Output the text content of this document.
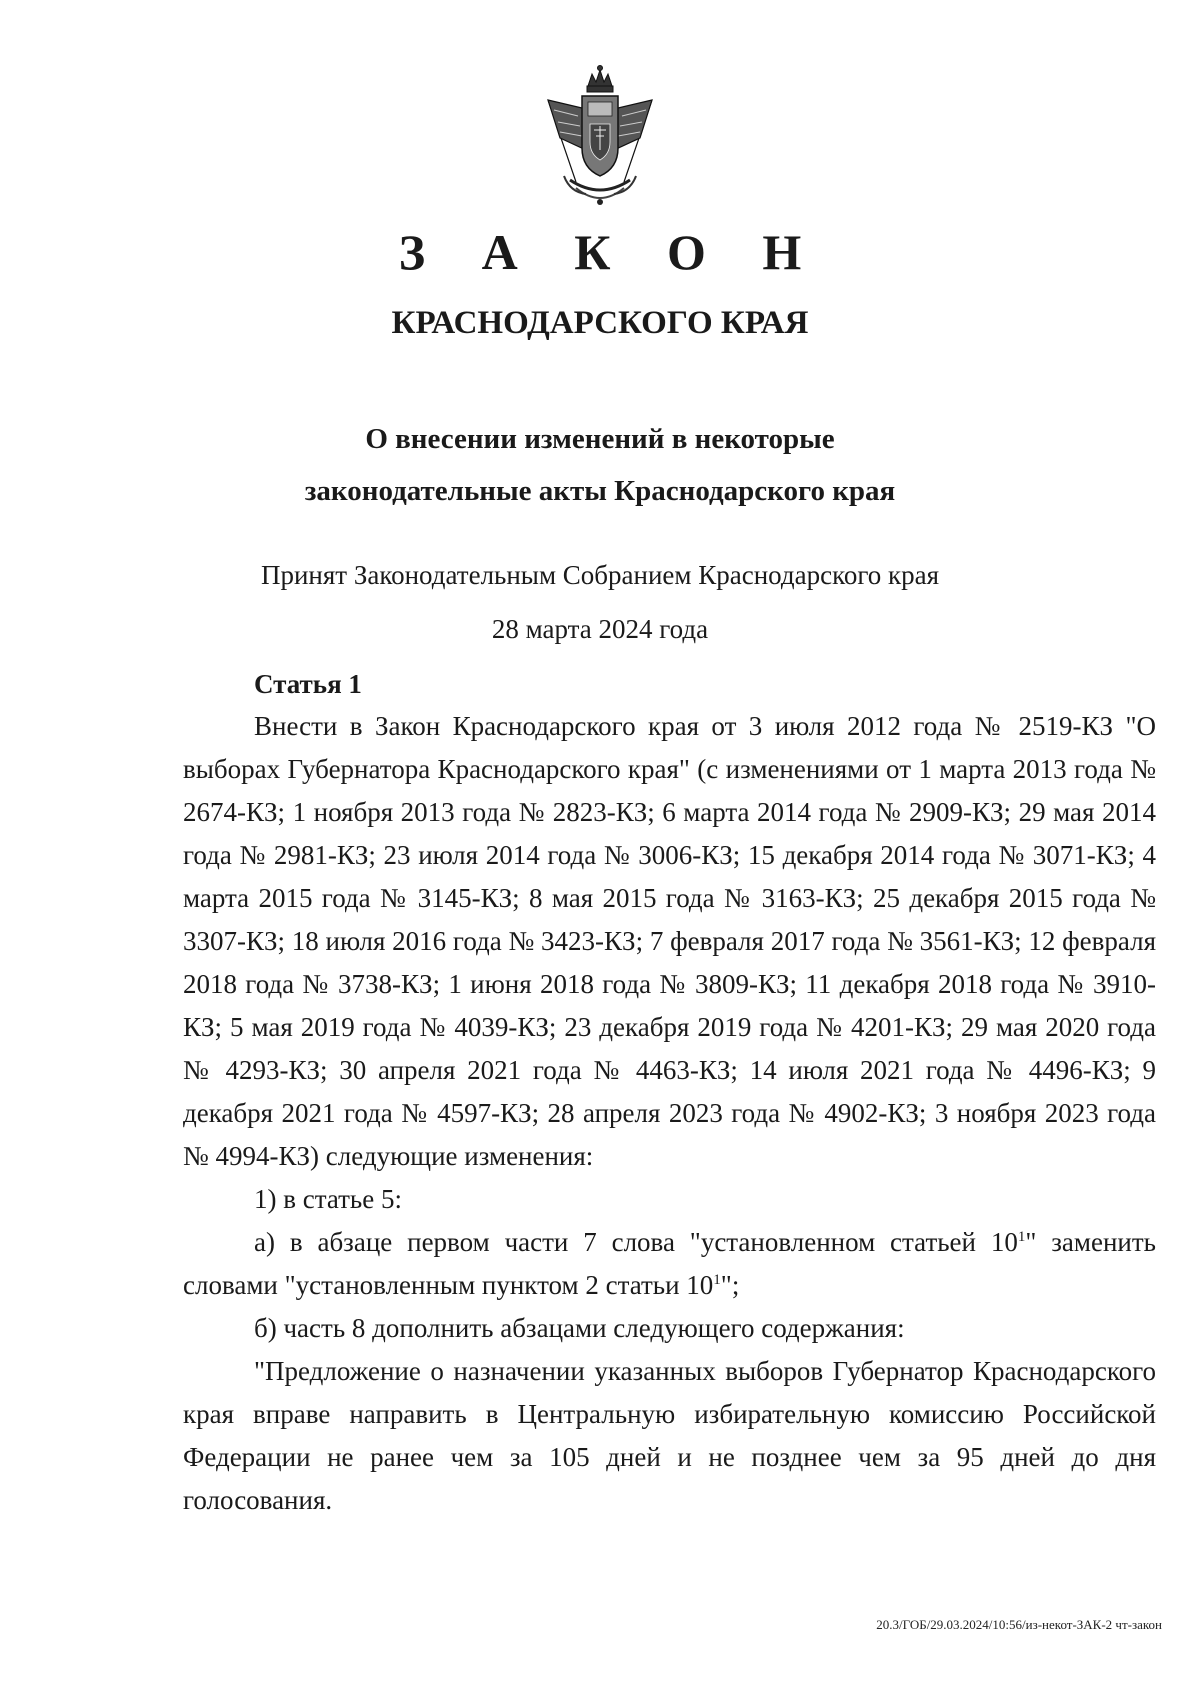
З А К О Н
КРАСНОДАРСКОГО КРАЯ
О внесении изменений в некоторые
законодательные акты Краснодарского края
Принят Законодательным Собранием Краснодарского края
28 марта 2024 года
Статья 1

Внести в Закон Краснодарского края от 3 июля 2012 года № 2519-КЗ "О выборах Губернатора Краснодарского края" (с изменениями от 1 марта 2013 года № 2674-КЗ; 1 ноября 2013 года № 2823-КЗ; 6 марта 2014 года № 2909-КЗ; 29 мая 2014 года № 2981-КЗ; 23 июля 2014 года № 3006-КЗ; 15 декабря 2014 года № 3071-КЗ; 4 марта 2015 года № 3145-КЗ; 8 мая 2015 года № 3163-КЗ; 25 декабря 2015 года № 3307-КЗ; 18 июля 2016 года № 3423-КЗ; 7 февраля 2017 года № 3561-КЗ; 12 февраля 2018 года № 3738-КЗ; 1 июня 2018 года № 3809-КЗ; 11 декабря 2018 года № 3910-КЗ; 5 мая 2019 года № 4039-КЗ; 23 декабря 2019 года № 4201-КЗ; 29 мая 2020 года № 4293-КЗ; 30 апреля 2021 года № 4463-КЗ; 14 июля 2021 года № 4496-КЗ; 9 декабря 2021 года № 4597-КЗ; 28 апреля 2023 года № 4902-КЗ; 3 ноября 2023 года № 4994-КЗ) следующие изменения:

1) в статье 5:

а) в абзаце первом части 7 слова "установленном статьей $10^1$" заменить словами "установленным пунктом 2 статьи $10^1$";

б) часть 8 дополнить абзацами следующего содержания:

"Предложение о назначении указанных выборов Губернатор Краснодарского края вправе направить в Центральную избирательную комиссию Российской Федерации не ранее чем за 105 дней и не позднее чем за 95 дней до дня голосования.

20.3/ГОБ/29.03.2024/10:56/из-некот-ЗАК-2 чт-закон
